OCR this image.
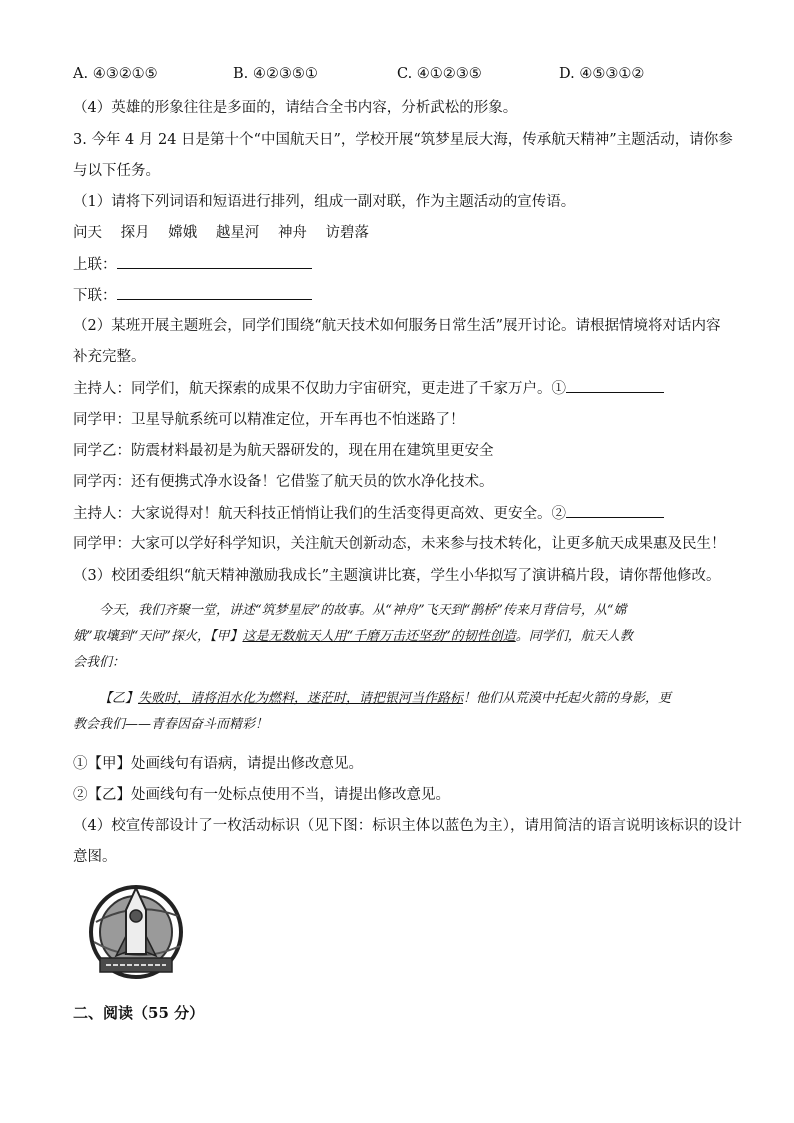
A. ④③②①⑤	B. ④②③⑤①	C. ④①②③⑤	D. ④⑤③①②
（4）英雄的形象往往是多面的，请结合全书内容，分析武松的形象。
3. 今年 4 月 24 日是第十个“中国航天日”，学校开展“筑梦星辰大海，传承航天精神”主题活动，请你参
与以下任务。
（1）请将下列词语和短语进行排列，组成一副对联，作为主题活动的宣传语。
问天 探月 嫦娥 越星河 神舟 访碧落
上联：
下联：
（2）某班开展主题班会，同学们围绕“航天技术如何服务日常生活”展开讨论。请根据情境将对话内容
补充完整。
主持人：同学们，航天探索的成果不仅助力宇宙研究，更走进了千家万户。①
同学甲：卫星导航系统可以精准定位，开车再也不怕迷路了！
同学乙：防震材料最初是为航天器研发的，现在用在建筑里更安全
同学丙：还有便携式净水设备！它借鉴了航天员的饮水净化技术。
主持人：大家说得对！航天科技正悄悄让我们的生活变得更高效、更安全。②
同学甲：大家可以学好科学知识，关注航天创新动态，未来参与技术转化，让更多航天成果惠及民生！
（3）校团委组织“航天精神激励我成长”主题演讲比赛，学生小华拟写了演讲稿片段，请你帮他修改。
今天，我们齐聚一堂，讲述“筑梦星辰”的故事。从“神舟”飞天到“鹊桥”传来月背信号，从“嫦
娥”取壤到“天问”探火，【甲】这是无数航天人用“千磨万击还坚劲”的韧性创造。同学们，航天人教
会我们：
【乙】失败时，请将泪水化为燃料，迷茫时，请把银河当作路标！他们从荒漠中托起火箭的身影，更
教会我们——青春因奋斗而精彩！
①【甲】处画线句有语病，请提出修改意见。
②【乙】处画线句有一处标点使用不当，请提出修改意见。
（4）校宣传部设计了一枚活动标识（见下图：标识主体以蓝色为主），请用简洁的语言说明该标识的设计
意图。
二、阅读（55 分）
